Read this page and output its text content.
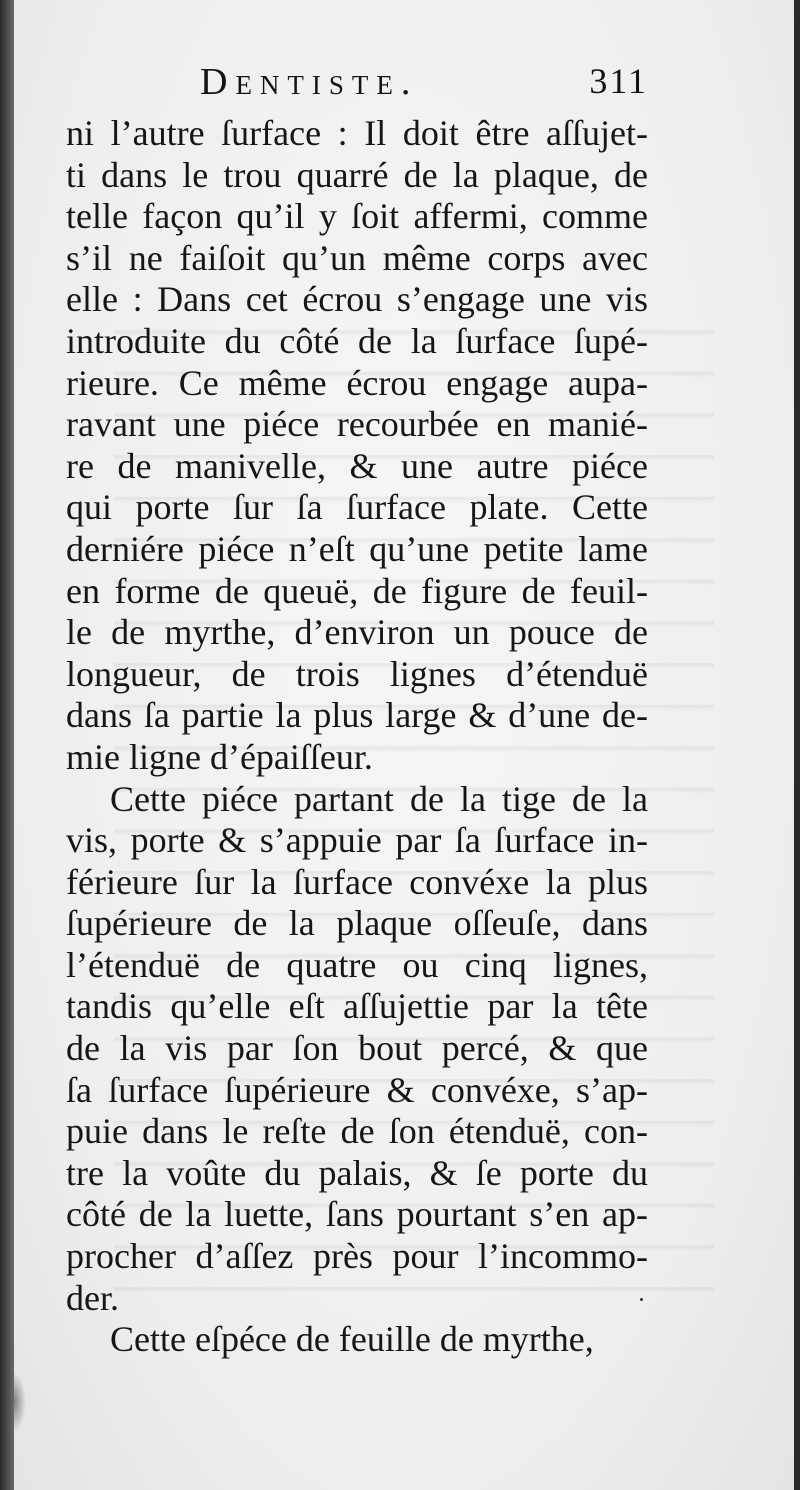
Dentiste.	311
ni l’autre ſurface : Il doit être aſſujet-
ti dans le trou quarré de la plaque, de
telle façon qu’il y ſoit affermi, comme
s’il ne faiſoit qu’un même corps avec
elle : Dans cet écrou s’engage une vis
introduite du côté de la ſurface ſupé-
rieure. Ce même écrou engage aupa-
ravant une piéce recourbée en manié-
re de manivelle, & une autre piéce
qui porte ſur ſa ſurface plate. Cette
derniére piéce n’eſt qu’une petite lame
en forme de queuë, de figure de feuil-
le de myrthe, d’environ un pouce de
longueur, de trois lignes d’étenduë
dans ſa partie la plus large & d’une de-
mie ligne d’épaiſſeur.
Cette piéce partant de la tige de la
vis, porte & s’appuie par ſa ſurface in-
férieure ſur la ſurface convéxe la plus
ſupérieure de la plaque oſſeuſe, dans
l’étenduë de quatre ou cinq lignes,
tandis qu’elle eſt aſſujettie par la tête
de la vis par ſon bout percé, & que
ſa ſurface ſupérieure & convéxe, s’ap-
puie dans le reſte de ſon étenduë, con-
tre la voûte du palais, & ſe porte du
côté de la luette, ſans pourtant s’en ap-
procher d’aſſez près pour l’incommo-
der.
Cette eſpéce de feuille de myrthe,
